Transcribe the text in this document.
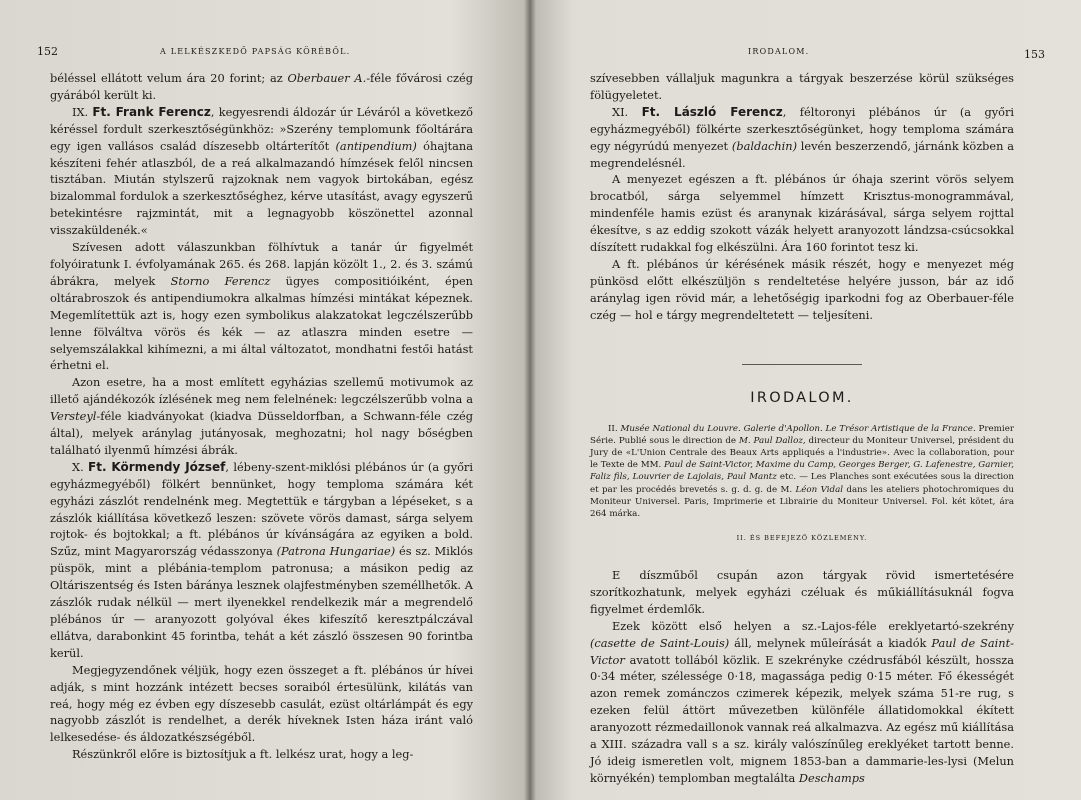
152	A LELKÉSZKEDŐ PAPSÁG KÖRÉBŐL.

béléssel ellátott velum ára 20 forint; az Oberbauer A.-féle fővárosi czég gyárából került ki.

IX. Ft. Frank Ferencz, kegyesrendi áldozár úr Léváról a következő kéréssel fordult szerkesztőségünkhöz: »Szerény templomunk főoltárára egy igen vallásos család díszesebb oltárterítőt (antipendium) óhajtana készíteni fehér atlaszból, de a reá alkalmazandó hímzések felől nincsen tisztában. Miután stylszerű rajzoknak nem vagyok birtokában, egész bizalommal fordulok a szerkesztőséghez, kérve utasítást, avagy egyszerű betekintésre rajzmintát, mit a legnagyobb köszönettel azonnal visszaküldenék.«

Szívesen adott válaszunkban fölhívtuk a tanár úr figyelmét folyóiratunk I. évfolyamának 265. és 268. lapján közölt 1., 2. és 3. számú ábrákra, melyek Storno Ferencz ügyes compositióiként, épen oltárabroszok és antipendiumokra alkalmas hímzési mintákat képeznek. Megemlítettük azt is, hogy ezen symbolikus alakzatokat legczélszerűbb lenne fölváltva vörös és kék — az atlaszra minden esetre — selyemszálakkal kihímezni, a mi által változatot, mondhatni festői hatást érhetni el.

Azon esetre, ha a most említett egyházias szellemű motivumok az illető ajándékozók ízlésének meg nem felelnének: legczélszerűbb volna a Versteyl-féle kiadványokat (kiadva Düsseldorfban, a Schwann-féle czég által), melyek aránylag jutányosak, meghozatni; hol nagy bőségben található ilyenmű hímzési ábrák.

X. Ft. Körmendy József, lébeny-szent-miklósi plébános úr (a győri egyházmegyéből) fölkért bennünket, hogy temploma számára két egyházi zászlót rendelnénk meg. Megtettük e tárgyban a lépéseket, s a zászlók kiállítása következő leszen: szövete vörös damast, sárga selyem rojtok- és bojtokkal; a ft. plébános úr kívánságára az egyiken a bold. Szűz, mint Magyarország védasszonya (Patrona Hungariae) és sz. Miklós püspök, mint a plébánia-templom patronusa; a másikon pedig az Oltáriszentség és Isten báránya lesznek olajfestményben személlhetők. A zászlók rudak nélkül — mert ilyenekkel rendelkezik már a megrendelő plébános úr — aranyozott golyóval ékes kifeszítő keresztpálczával ellátva, darabonkint 45 forintba, tehát a két zászló összesen 90 forintba kerül.

Megjegyzendőnek véljük, hogy ezen összeget a ft. plébános úr hívei adják, s mint hozzánk intézett becses soraiból értesülünk, kilátás van reá, hogy még ez évben egy díszesebb casulát, ezüst oltárlámpát és egy nagyobb zászlót is rendelhet, a derék híveknek Isten háza iránt való lelkesedése- és áldozatkészségéből.

Részünkről előre is biztosítjuk a ft. lelkész urat, hogy a leg-

IRODALOM.	153

szívesebben vállaljuk magunkra a tárgyak beszerzése körül szükséges fölügyeletet.

XI. Ft. László Ferencz, féltoronyi plébános úr (a győri egyházmegyéből) fölkérte szerkesztőségünket, hogy temploma számára egy négyrúdú menyezet (baldachin) levén beszerzendő, járnánk közben a megrendelésnél.

A menyezet egészen a ft. plébános úr óhaja szerint vörös selyem brocatból, sárga selyemmel hímzett Krisztus-monogrammával, mindenféle hamis ezüst és aranynak kizárásával, sárga selyem rojttal ékesítve, s az eddig szokott vázák helyett aranyozott lándzsa-csúcsokkal díszített rudakkal fog elkészülni. Ára 160 forintot tesz ki.

A ft. plébános úr kérésének másik részét, hogy e menyezet még pünkösd előtt elkészüljön s rendeltetése helyére jusson, bár az idő aránylag igen rövid már, a lehetőségig iparkodni fog az Oberbauer-féle czég — hol e tárgy megrendeltetett — teljesíteni.

IRODALOM.

II. Musée National du Louvre. Galerie d'Apollon. Le Trésor Artistique de la France. Premier Série. Publié sous le direction de M. Paul Dalloz, directeur du Moniteur Universel, président du Jury de «L'Union Centrale des Beaux Arts appliqués a l'industrie». Avec la collaboration, pour le Texte de MM. Paul de Saint-Victor, Maxime du Camp, Georges Berger, G. Lafenestre, Garnier, Faliz fils, Louvrier de Lajolais, Paul Mantz etc. — Les Planches sont exécutées sous la direction et par les procédés brevetés s. g. d. g. de M. Léon Vidal dans les ateliers photochromiques du Moniteur Universel. Paris, Imprimerie et Librairie du Moniteur Universel. Fol. két kötet, ára 264 márka.

II. ÉS BEFEJEZŐ KÖZLEMÉNY.

E díszműből csupán azon tárgyak rövid ismertetésére szorítkozhatunk, melyek egyházi czéluak és műkiállításuknál fogva figyelmet érdemlők.

Ezek között első helyen a sz.-Lajos-féle ereklyetartó-szekrény (casette de Saint-Louis) áll, melynek műleírását a kiadók Paul de Saint-Victor avatott tollából közlik. E szekrényke czédrusfából készült, hossza 0·34 méter, szélessége 0·18, magassága pedig 0·15 méter. Fő ékességét azon remek zománczos czimerek képezik, melyek száma 51-re rug, s ezeken felül áttört művezetben különféle állatidomokkal ékített aranyozott rézmedaillonok vannak reá alkalmazva. Az egész mű kiállítása a XIII. századra vall s a sz. király valószínűleg ereklyéket tartott benne. Jó ideig ismeretlen volt, mignem 1853-ban a dammarie-les-lysi (Melun környékén) templomban megtalálta Deschamps
